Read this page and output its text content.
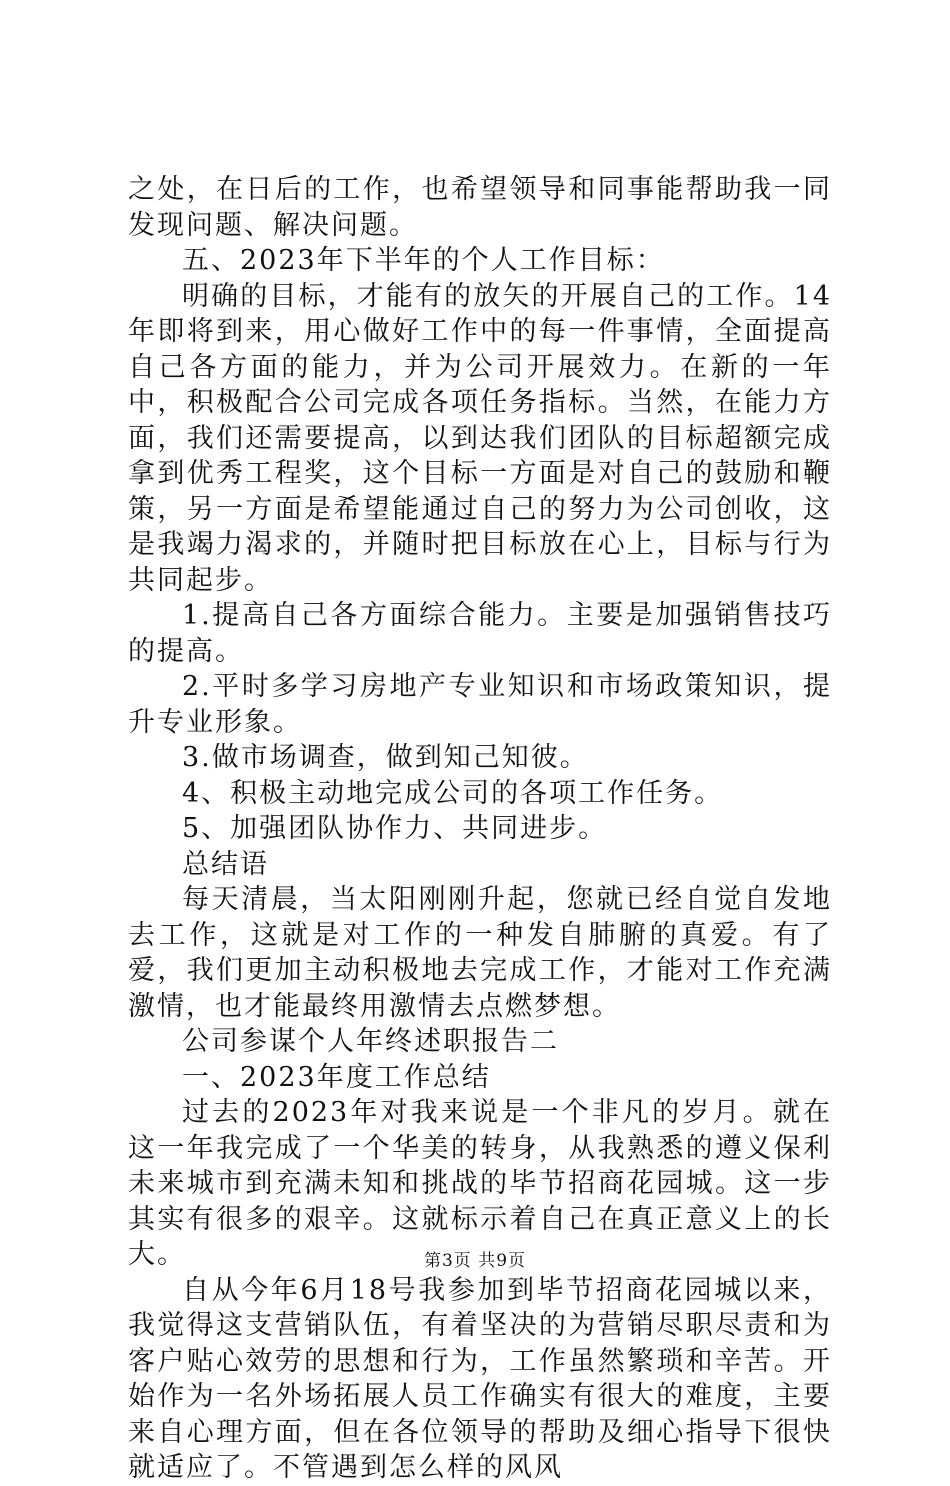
之处，在日后的工作，也希望领导和同事能帮助我一同发现问题、解决问题。

五、2023年下半年的个人工作目标：

明确的目标，才能有的放矢的开展自己的工作。14年即将到来，用心做好工作中的每一件事情，全面提高自己各方面的能力，并为公司开展效力。在新的一年中，积极配合公司完成各项任务指标。当然，在能力方面，我们还需要提高，以到达我们团队的目标超额完成拿到优秀工程奖，这个目标一方面是对自己的鼓励和鞭策，另一方面是希望能通过自己的努力为公司创收，这是我竭力渴求的，并随时把目标放在心上，目标与行为共同起步。

1.提高自己各方面综合能力。主要是加强销售技巧的提高。

2.平时多学习房地产专业知识和市场政策知识，提升专业形象。

3.做市场调查，做到知己知彼。

4、积极主动地完成公司的各项工作任务。

5、加强团队协作力、共同进步。

总结语

每天清晨，当太阳刚刚升起，您就已经自觉自发地去工作，这就是对工作的一种发自肺腑的真爱。有了爱，我们更加主动积极地去完成工作，才能对工作充满激情，也才能最终用激情去点燃梦想。

公司参谋个人年终述职报告二

一、2023年度工作总结

过去的2023年对我来说是一个非凡的岁月。就在这一年我完成了一个华美的转身，从我熟悉的遵义保利未来城市到充满未知和挑战的毕节招商花园城。这一步其实有很多的艰辛。这就标示着自己在真正意义上的长大。

自从今年6月18号我参加到毕节招商花园城以来，我觉得这支营销队伍，有着坚决的为营销尽职尽责和为客户贴心效劳的思想和行为，工作虽然繁琐和辛苦。开始作为一名外场拓展人员工作确实有很大的难度，主要来自心理方面，但在各位领导的帮助及细心指导下很快就适应了。不管遇到怎么样的风风

第3页 共9页
